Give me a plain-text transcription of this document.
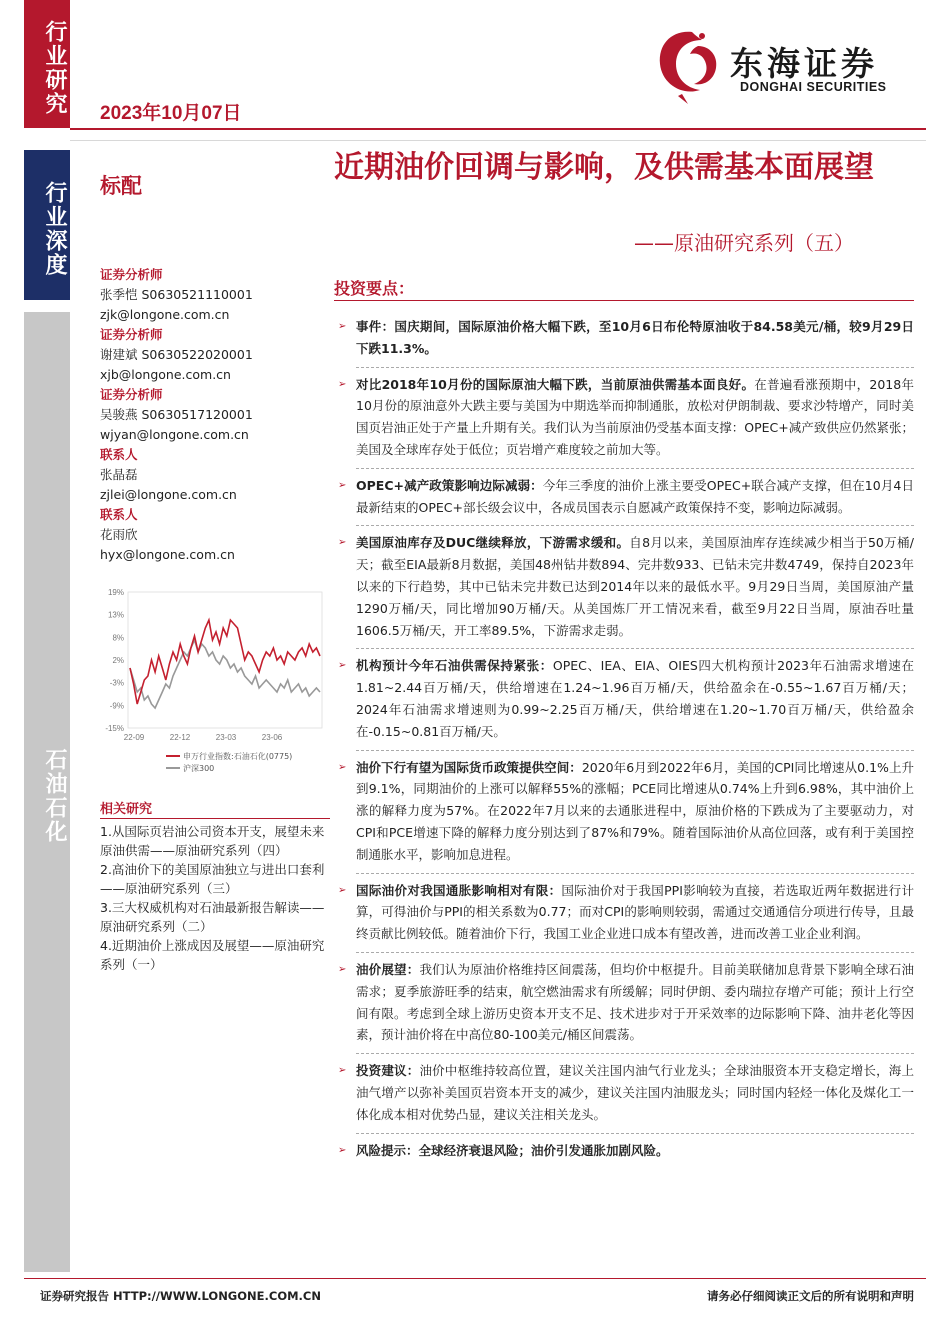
行业研究
行业深度
石油石化
2023年10月07日
东海证券
DONGHAI SECURITIES
标配
近期油价回调与影响，及供需基本面展望
——原油研究系列（五）
证券分析师
张季恺 S0630521110001
zjk@longone.com.cn
证券分析师
谢建斌 S0630522020001
xjb@longone.com.cn
证券分析师
吴骏燕 S0630517120001
wjyan@longone.com.cn
联系人
张晶磊
zjlei@longone.com.cn
联系人
花雨欣
hyx@longone.com.cn
19%
13%
8%
2%
-3%
-9%
-15%
22-09	22-12	23-03	23-06
申万行业指数:石油石化(0775)
沪深300
相关研究
1.从国际页岩油公司资本开支，展望未来原油供需——原油研究系列（四）
2.高油价下的美国原油独立与进出口套利——原油研究系列（三）
3.三大权威机构对石油最新报告解读——原油研究系列（二）
4.近期油价上涨成因及展望——原油研究系列（一）
投资要点：
➢ 事件：国庆期间，国际原油价格大幅下跌，至10月6日布伦特原油收于84.58美元/桶，较9月29日下跌11.3%。
➢ 对比2018年10月份的国际原油大幅下跌，当前原油供需基本面良好。在普遍看涨预期中，2018年10月份的原油意外大跌主要与美国为中期选举而抑制通胀，放松对伊朗制裁、要求沙特增产，同时美国页岩油正处于产量上升期有关。我们认为当前原油仍受基本面支撑：OPEC+减产致供应仍然紧张；美国及全球库存处于低位；页岩增产难度较之前加大等。
➢ OPEC+减产政策影响边际减弱：今年三季度的油价上涨主要受OPEC+联合减产支撑，但在10月4日最新结束的OPEC+部长级会议中，各成员国表示自愿减产政策保持不变，影响边际减弱。
➢ 美国原油库存及DUC继续释放，下游需求缓和。自8月以来，美国原油库存连续减少相当于50万桶/天；截至EIA最新8月数据，美国48州钻井数894、完井数933、已钻未完井数4749，保持自2023年以来的下行趋势，其中已钻未完井数已达到2014年以来的最低水平。9月29日当周，美国原油产量1290万桶/天，同比增加90万桶/天。从美国炼厂开工情况来看，截至9月22日当周，原油吞吐量1606.5万桶/天，开工率89.5%，下游需求走弱。
➢ 机构预计今年石油供需保持紧张：OPEC、IEA、EIA、OIES四大机构预计2023年石油需求增速在1.81~2.44百万桶/天，供给增速在1.24~1.96百万桶/天，供给盈余在-0.55~1.67百万桶/天；2024年石油需求增速则为0.99~2.25百万桶/天，供给增速在1.20~1.70百万桶/天，供给盈余在-0.15~0.81百万桶/天。
➢ 油价下行有望为国际货币政策提供空间：2020年6月到2022年6月，美国的CPI同比增速从0.1%上升到9.1%，同期油价的上涨可以解释55%的涨幅；PCE同比增速从0.74%上升到6.98%，其中油价上涨的解释力度为57%。在2022年7月以来的去通胀进程中，原油价格的下跌成为了主要驱动力，对CPI和PCE增速下降的解释力度分别达到了87%和79%。随着国际油价从高位回落，或有利于美国控制通胀水平，影响加息进程。
➢ 国际油价对我国通胀影响相对有限：国际油价对于我国PPI影响较为直接，若选取近两年数据进行计算，可得油价与PPI的相关系数为0.77；而对CPI的影响则较弱，需通过交通通信分项进行传导，且最终贡献比例较低。随着油价下行，我国工业企业进口成本有望改善，进而改善工业企业利润。
➢ 油价展望：我们认为原油价格维持区间震荡，但均价中枢提升。目前美联储加息背景下影响全球石油需求；夏季旅游旺季的结束，航空燃油需求有所缓解；同时伊朗、委内瑞拉存增产可能；预计上行空间有限。考虑到全球上游历史资本开支不足、技术进步对于开采效率的边际影响下降、油井老化等因素，预计油价将在中高位80-100美元/桶区间震荡。
➢ 投资建议：油价中枢维持较高位置，建议关注国内油气行业龙头；全球油服资本开支稳定增长，海上油气增产以弥补美国页岩资本开支的减少，建议关注国内油服龙头；同时国内轻烃一体化及煤化工一体化成本相对优势凸显，建议关注相关龙头。
➢ 风险提示：全球经济衰退风险；油价引发通胀加剧风险。
证券研究报告 HTTP://WWW.LONGONE.COM.CN	请务必仔细阅读正文后的所有说明和声明
